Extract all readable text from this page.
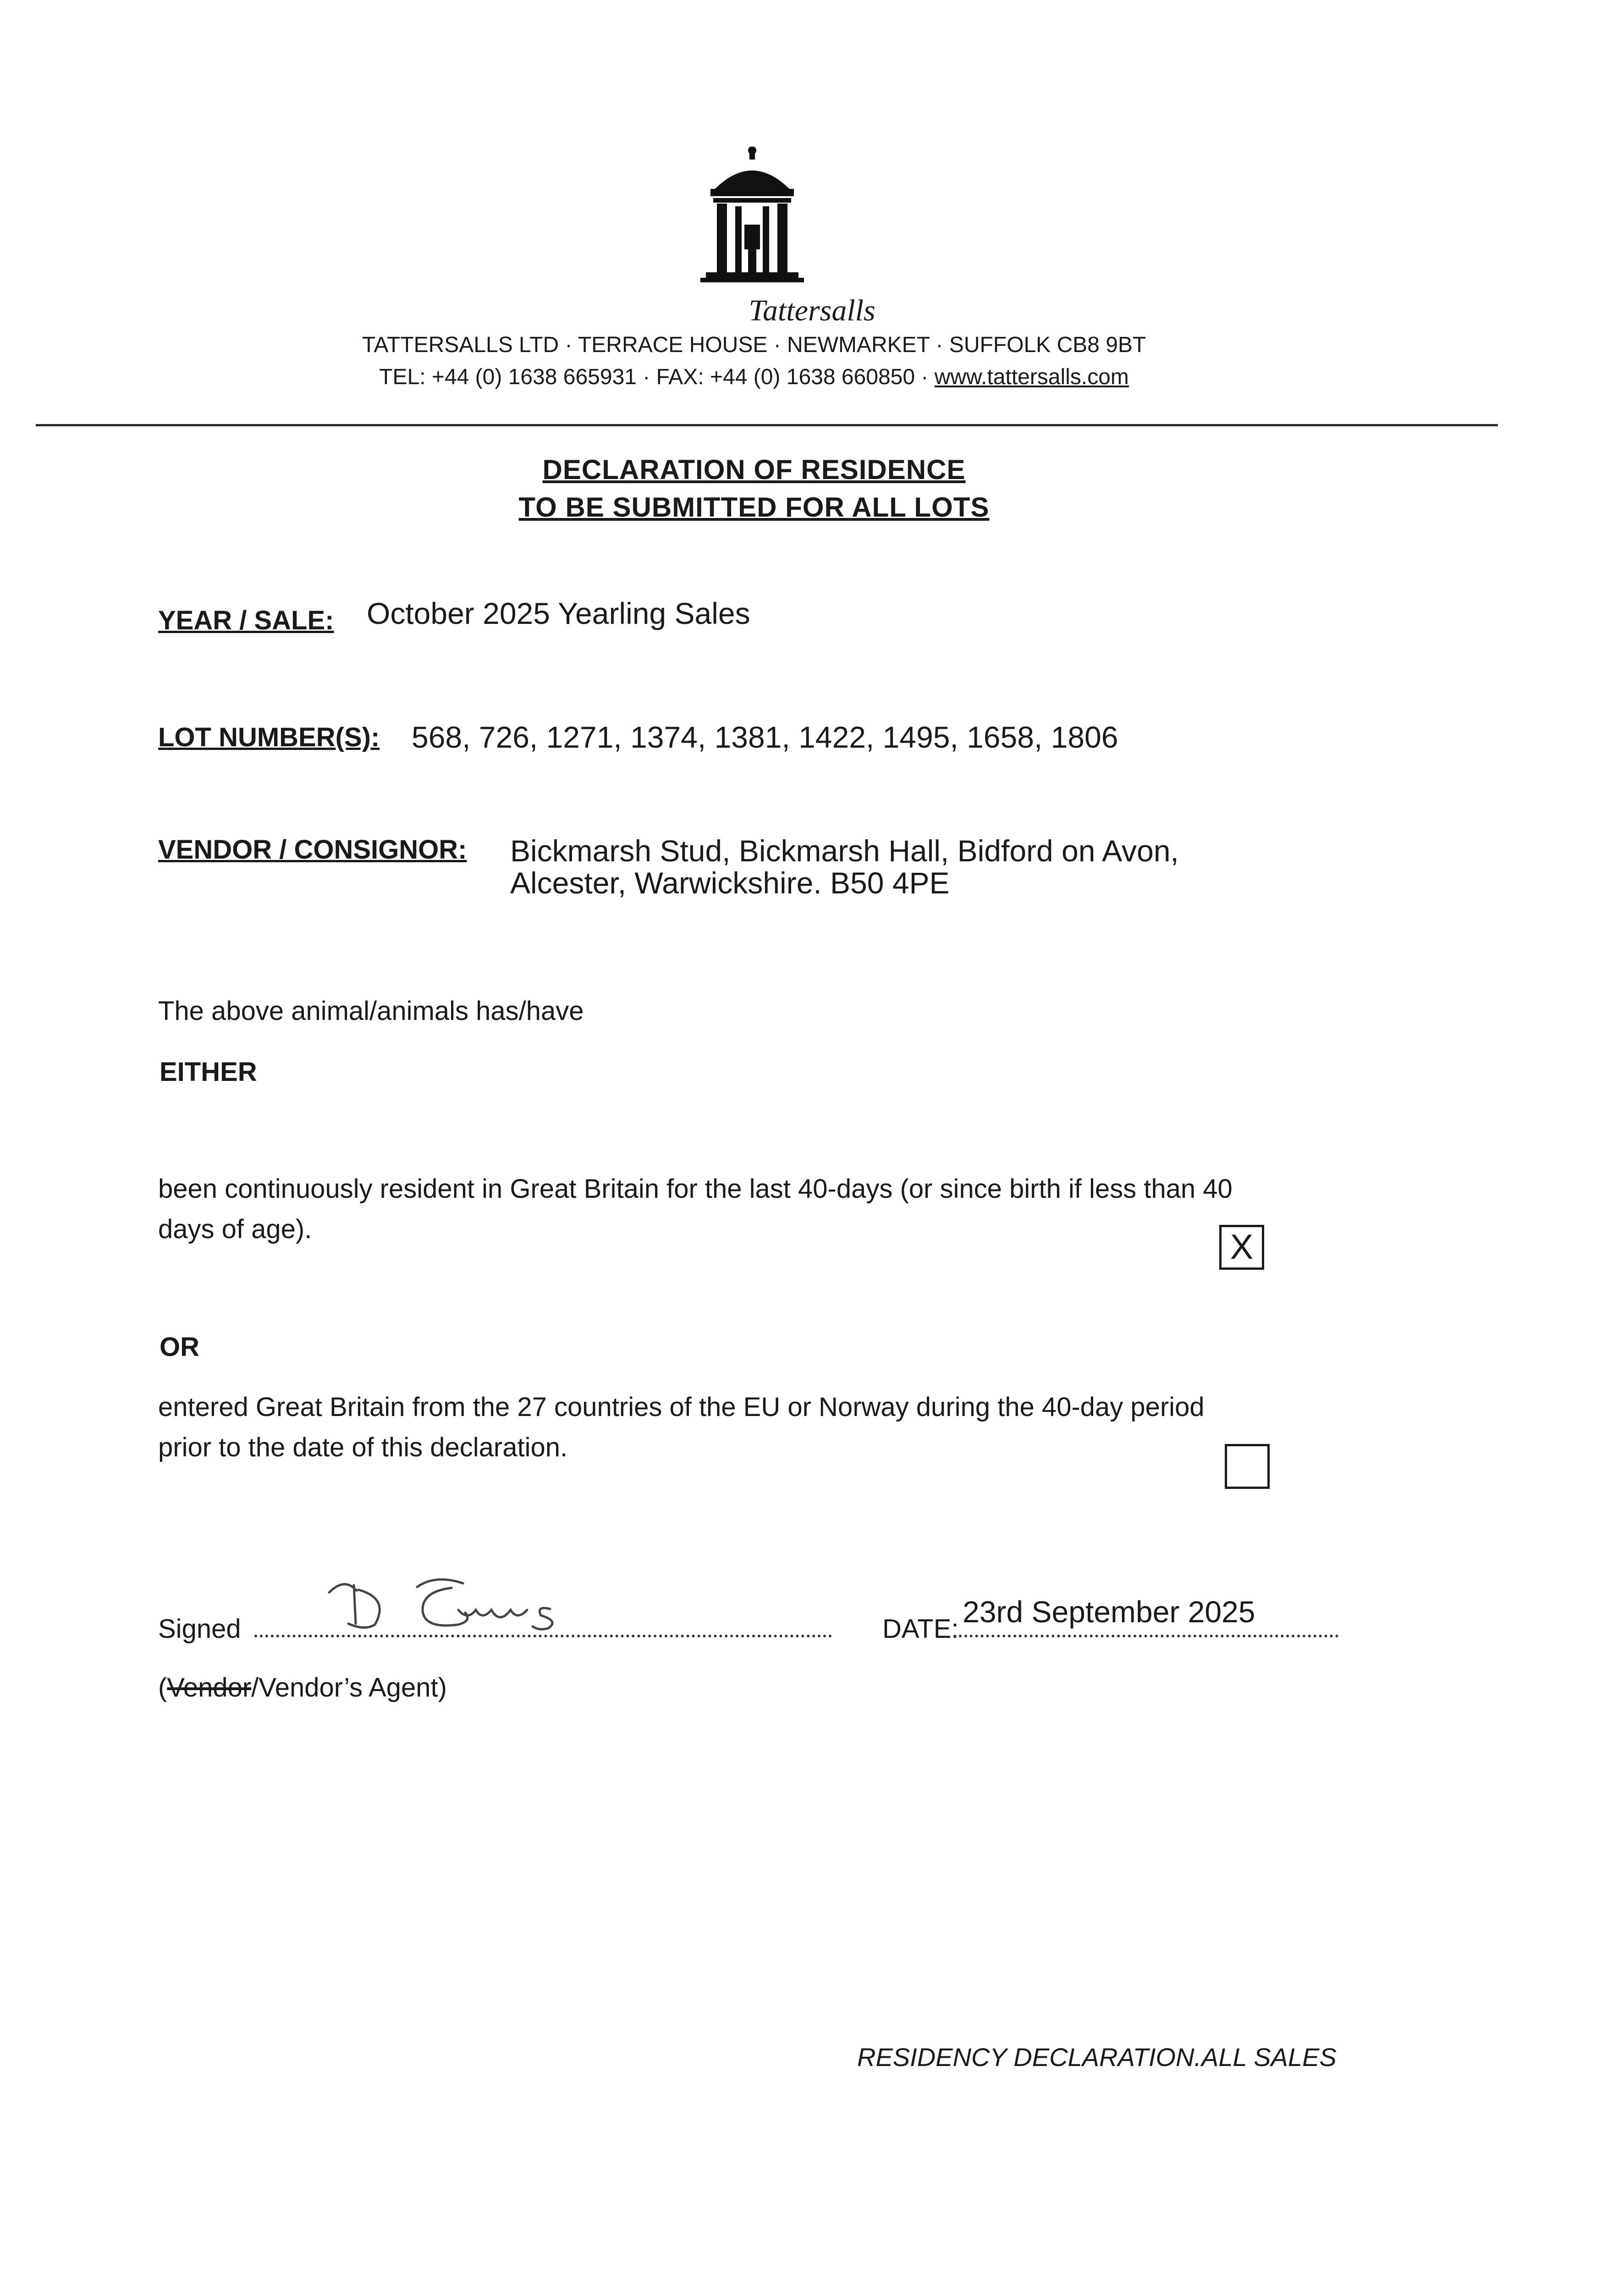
Tattersalls
TATTERSALLS LTD · TERRACE HOUSE · NEWMARKET · SUFFOLK CB8 9BT
TEL: +44 (0) 1638 665931 · FAX: +44 (0) 1638 660850 · www.tattersalls.com
DECLARATION OF RESIDENCE
TO BE SUBMITTED FOR ALL LOTS
YEAR / SALE: October 2025 Yearling Sales
LOT NUMBER(S): 568, 726, 1271, 1374, 1381, 1422, 1495, 1658, 1806
VENDOR / CONSIGNOR: Bickmarsh Stud, Bickmarsh Hall, Bidford on Avon,
Alcester, Warwickshire. B50 4PE
The above animal/animals has/have
EITHER
been continuously resident in Great Britain for the last 40-days (or since birth if less than 40
days of age).	X
OR
entered Great Britain from the 27 countries of the EU or Norway during the 40-day period
prior to the date of this declaration.
Signed	DATE:
23rd September 2025
(Vendor/Vendor’s Agent)
RESIDENCY DECLARATION.ALL SALES
